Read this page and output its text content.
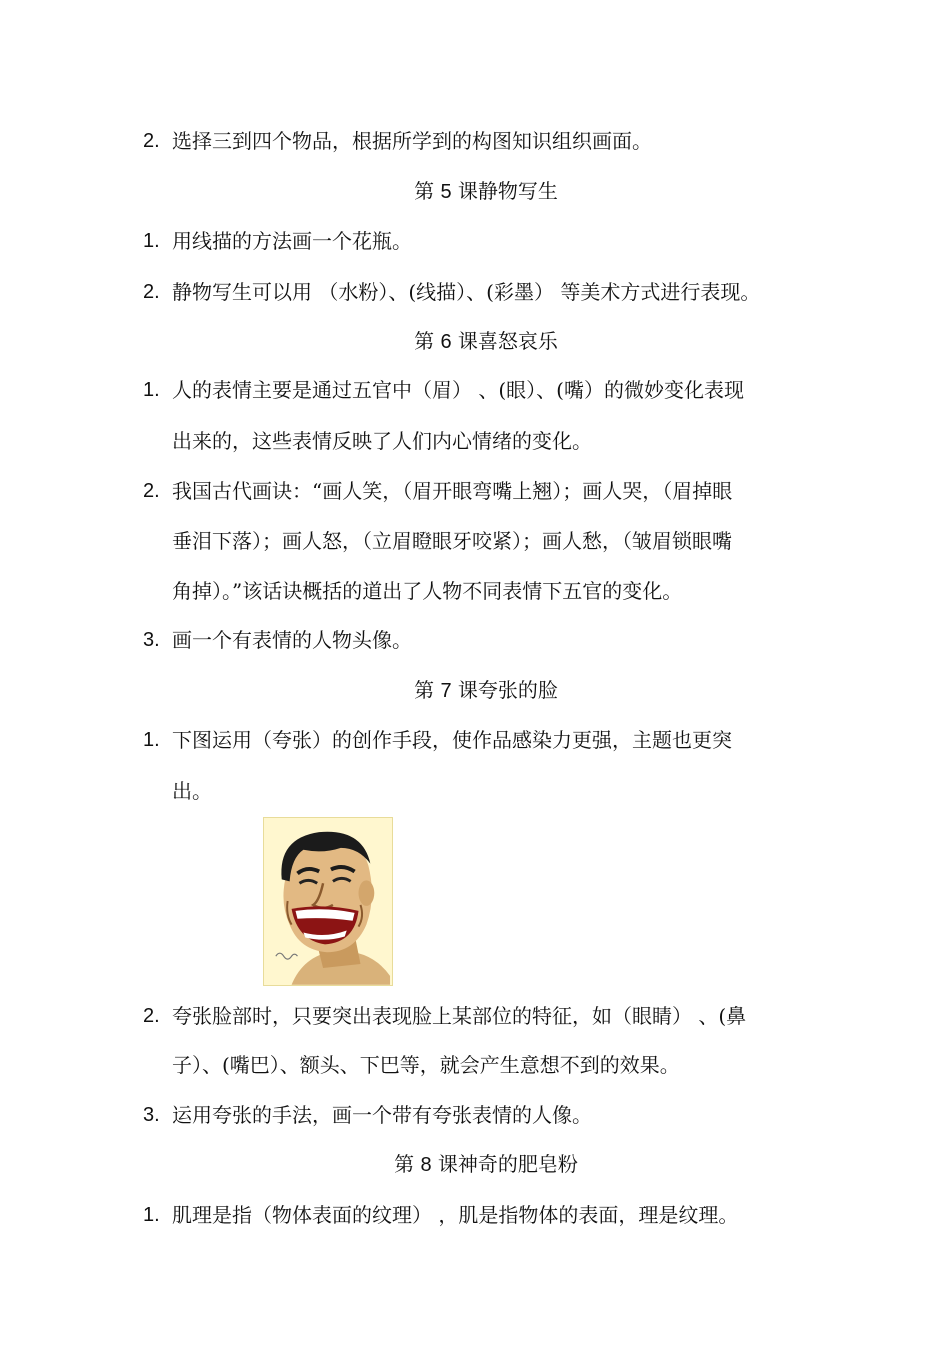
2. 选择三到四个物品，根据所学到的构图知识组织画面。
第 5 课静物写生
1. 用线描的方法画一个花瓶。
2. 静物写生可以用 （水粉）、(线描）、(彩墨） 等美术方式进行表现。
第 6 课喜怒哀乐
1. 人的表情主要是通过五官中（眉） 、(眼）、(嘴）的微妙变化表现
出来的，这些表情反映了人们内心情绪的变化。
2. 我国古代画诀：“画人笑，（眉开眼弯嘴上翘）；画人哭，（眉掉眼
垂泪下落）；画人怒，（立眉瞪眼牙咬紧）；画人愁，（皱眉锁眼嘴
角掉）。”该话诀概括的道出了人物不同表情下五官的变化。
3. 画一个有表情的人物头像。
第 7 课夸张的脸
1. 下图运用（夸张）的创作手段，使作品感染力更强，主题也更突
出。
2. 夸张脸部时，只要突出表现脸上某部位的特征，如（眼睛） 、(鼻
子）、(嘴巴）、额头、下巴等，就会产生意想不到的效果。
3. 运用夸张的手法，画一个带有夸张表情的人像。
第 8 课神奇的肥皂粉
1. 肌理是指（物体表面的纹理） ，肌是指物体的表面，理是纹理。
